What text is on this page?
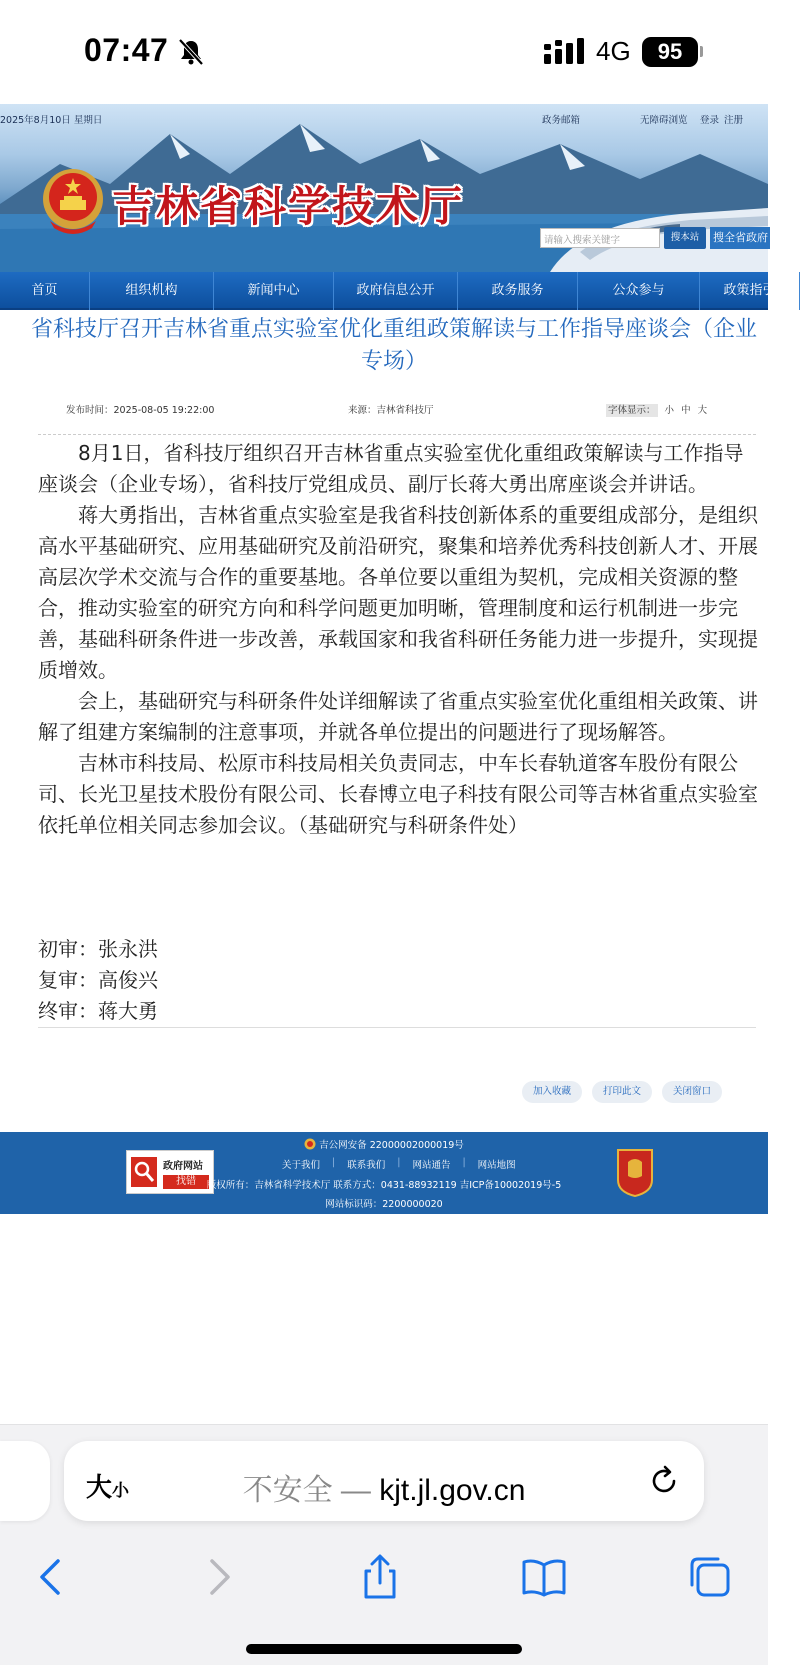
07:47	4G	95
2025年8月10日 星期日	政务邮箱	无障碍浏览 登录 注册
吉林省科学技术厅
请输入搜索关键字	搜本站	搜全省政府
首页	组织机构	新闻中心	政府信息公开	政务服务	公众参与	政策指引
省科技厅召开吉林省重点实验室优化重组政策解读与工作指导座谈会（企业专场）
发布时间：2025-08-05 19:22:00	来源：吉林省科技厅	字体显示： 小 中 大

8月1日，省科技厅组织召开吉林省重点实验室优化重组政策解读与工作指导座谈会（企业专场），省科技厅党组成员、副厅长蒋大勇出席座谈会并讲话。

蒋大勇指出，吉林省重点实验室是我省科技创新体系的重要组成部分，是组织高水平基础研究、应用基础研究及前沿研究，聚集和培养优秀科技创新人才、开展高层次学术交流与合作的重要基地。各单位要以重组为契机，完成相关资源的整合，推动实验室的研究方向和科学问题更加明晰，管理制度和运行机制进一步完善，基础科研条件进一步改善，承载国家和我省科研任务能力进一步提升，实现提质增效。

会上，基础研究与科研条件处详细解读了省重点实验室优化重组相关政策、讲解了组建方案编制的注意事项，并就各单位提出的问题进行了现场解答。

吉林市科技局、松原市科技局相关负责同志，中车长春轨道客车股份有限公司、长光卫星技术股份有限公司、长春博立电子科技有限公司等吉林省重点实验室依托单位相关同志参加会议。（基础研究与科研条件处）

初审：张永洪
复审：高俊兴
终审：蒋大勇
加入收藏	打印此文	关闭窗口
政府网站
找错
吉公网安备 22000002000019号
关于我们	|	联系我们	|	网站通告	|	网站地图
版权所有：吉林省科学技术厅 联系方式：0431-88932119 吉ICP备10002019号-5
网站标识码：2200000020
大小	不安全 — kjt.jl.gov.cn
